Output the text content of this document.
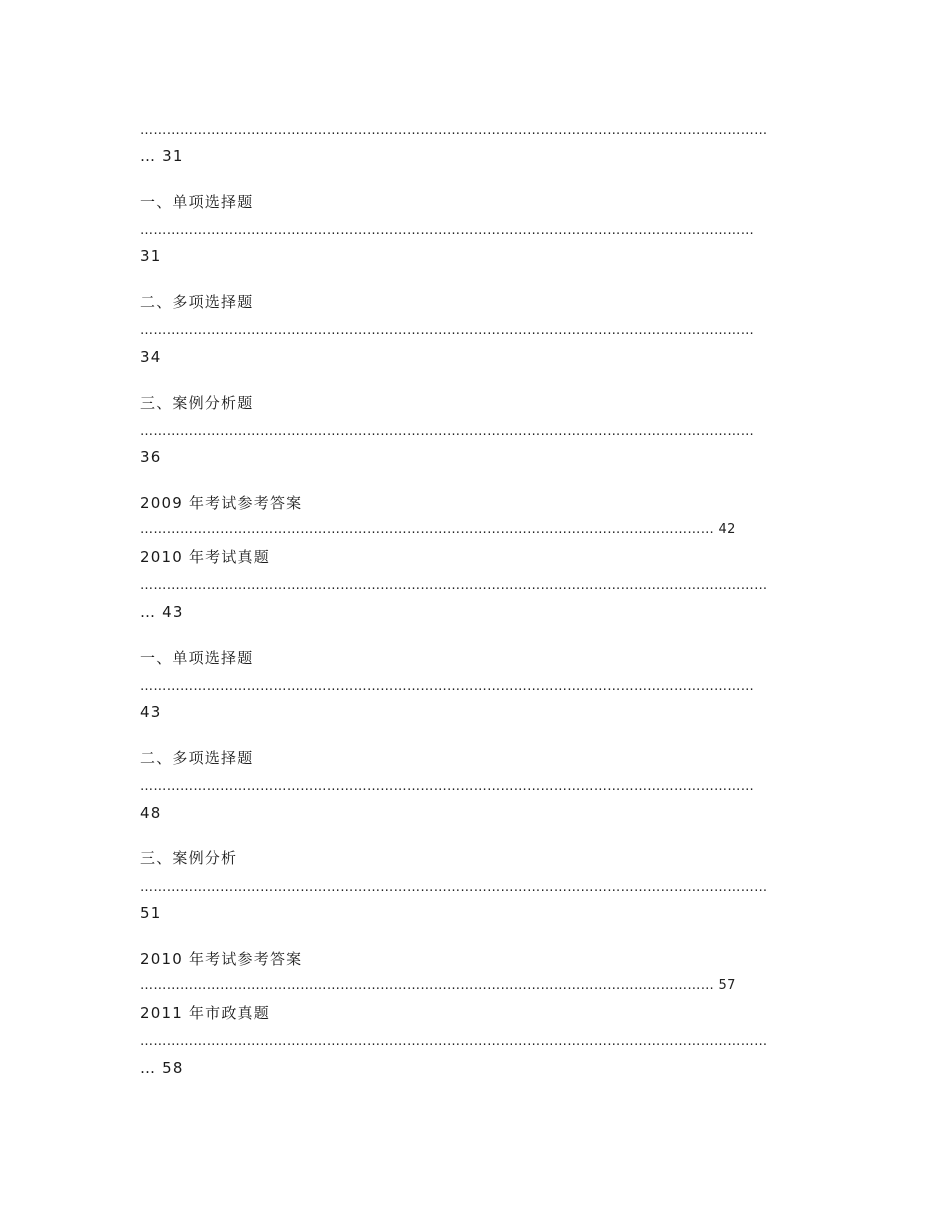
……………………………………………………………………………………………………………………………
… 31
一、单项选择题
…………………………………………………………………………………………………………………………
31
二、多项选择题
…………………………………………………………………………………………………………………………
34
三、案例分析题
…………………………………………………………………………………………………………………………
36
2009 年考试参考答案
………………………………………………………………………………………………………………… 42
2010 年考试真题
……………………………………………………………………………………………………………………………
… 43
一、单项选择题
…………………………………………………………………………………………………………………………
43
二、多项选择题
…………………………………………………………………………………………………………………………
48
三、案例分析
……………………………………………………………………………………………………………………………
51
2010 年考试参考答案
………………………………………………………………………………………………………………… 57
2011 年市政真题
……………………………………………………………………………………………………………………………
… 58
